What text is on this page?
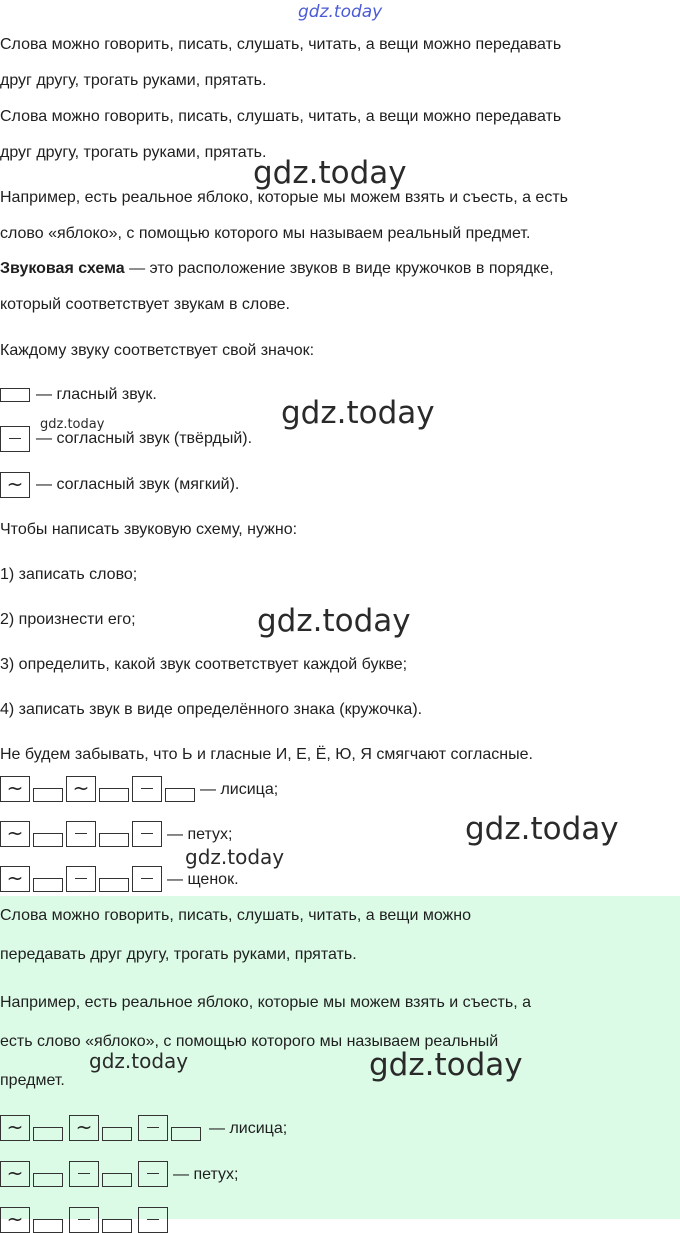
gdz.today
Слова можно говорить, писать, слушать, читать, а вещи можно передавать
друг другу, трогать руками, прятать.
Слова можно говорить, писать, слушать, читать, а вещи можно передавать
друг другу, трогать руками, прятать.
gdz.today
Например, есть реальное яблоко, которые мы можем взять и съесть, а есть
слово «яблоко», с помощью которого мы называем реальный предмет.
Звуковая схема — это расположение звуков в виде кружочков в порядке,
который соответствует звукам в слове.
Каждому звуку соответствует свой значок:
— гласный звук.
gdz.today
gdz.today
— согласный звук (твёрдый).
~ — согласный звук (мягкий).
Чтобы написать звуковую схему, нужно:
1) записать слово;
2) произнести его;	gdz.today
3) определить, какой звук соответствует каждой букве;
4) записать звук в виде определённого знака (кружочка).
Не будем забывать, что Ь и гласные И, Е, Ё, Ю, Я смягчают согласные.
~ ~	— лисица;
gdz.today
~	— петух;
gdz.today
~	— щенок.
Слова можно говорить, писать, слушать, читать, а вещи можно
передавать друг другу, трогать руками, прятать.
Например, есть реальное яблоко, которые мы можем взять и съесть, а
есть слово «яблоко», с помощью которого мы называем реальный
gdz.today	gdz.today
предмет.
~	~	— лисица;
~	— петух;
~
